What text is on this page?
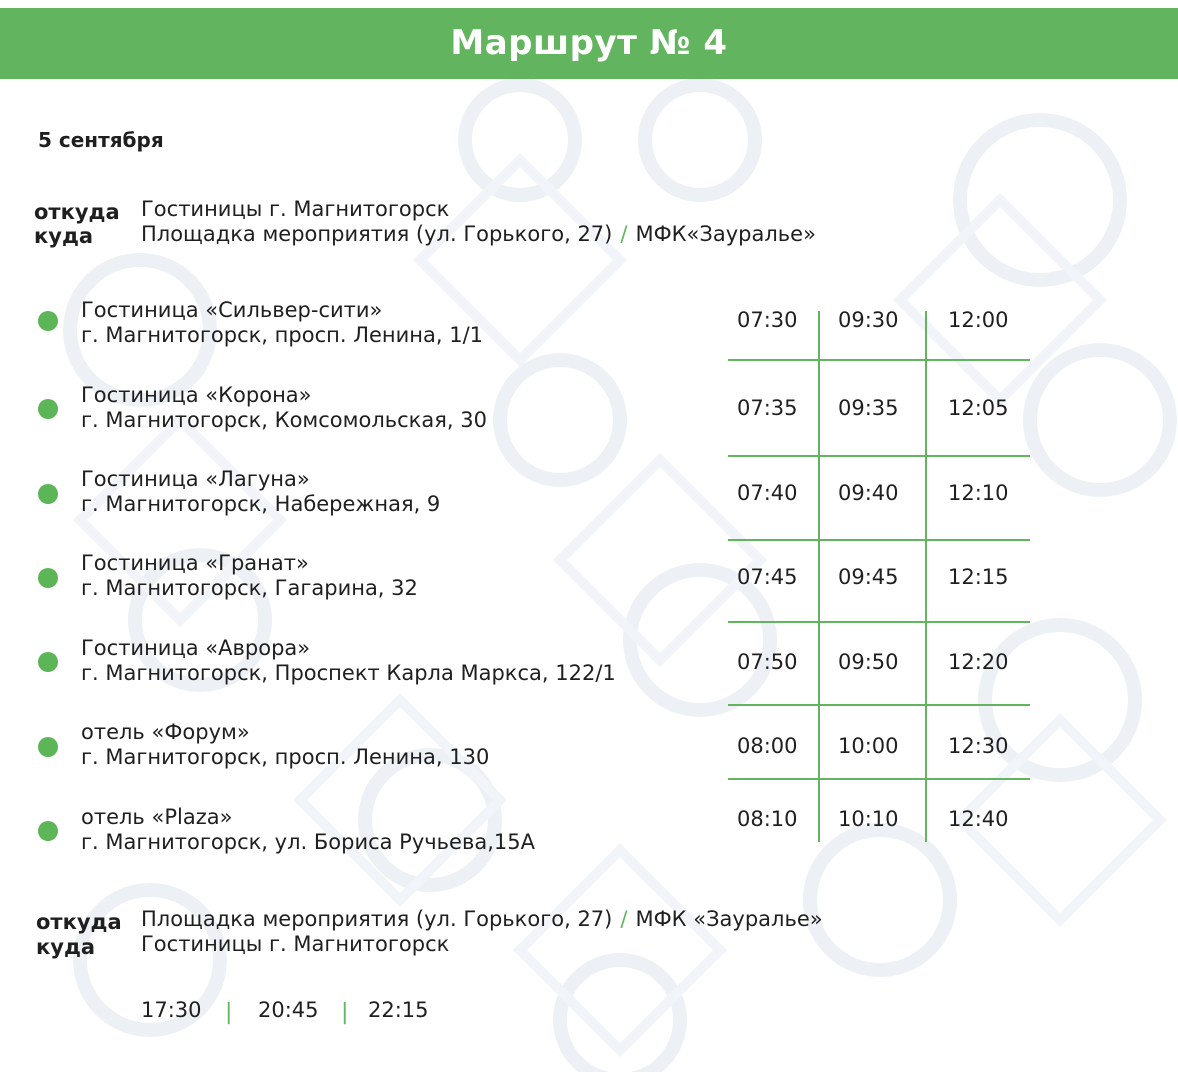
Маршрут № 4
5 сентября
откуда
куда
Гостиницы г. Магнитогорск
Площадка мероприятия (ул. Горького, 27) / МФК«Зауралье»
Гостиница «Сильвер-сити»
г. Магнитогорск, просп. Ленина, 1/1
Гостиница «Корона»
г. Магнитогорск, Комсомольская, 30
Гостиница «Лагуна»
г. Магнитогорск, Набережная, 9
Гостиница «Гранат»
г. Магнитогорск, Гагарина, 32
Гостиница «Аврора»
г. Магнитогорск, Проспект Карла Маркса, 122/1
отель «Форум»
г. Магнитогорск, просп. Ленина, 130
отель «Plaza»
г. Магнитогорск, ул. Бориса Ручьева,15А
07:30 09:30 12:00
07:35 09:35 12:05
07:40 09:40 12:10
07:45 09:45 12:15
07:50 09:50 12:20
08:00 10:00 12:30
08:10 10:10 12:40
откуда
куда
Площадка мероприятия (ул. Горького, 27) / МФК «Зауралье»
Гостиницы г. Магнитогорск
17:30 | 20:45 | 22:15
